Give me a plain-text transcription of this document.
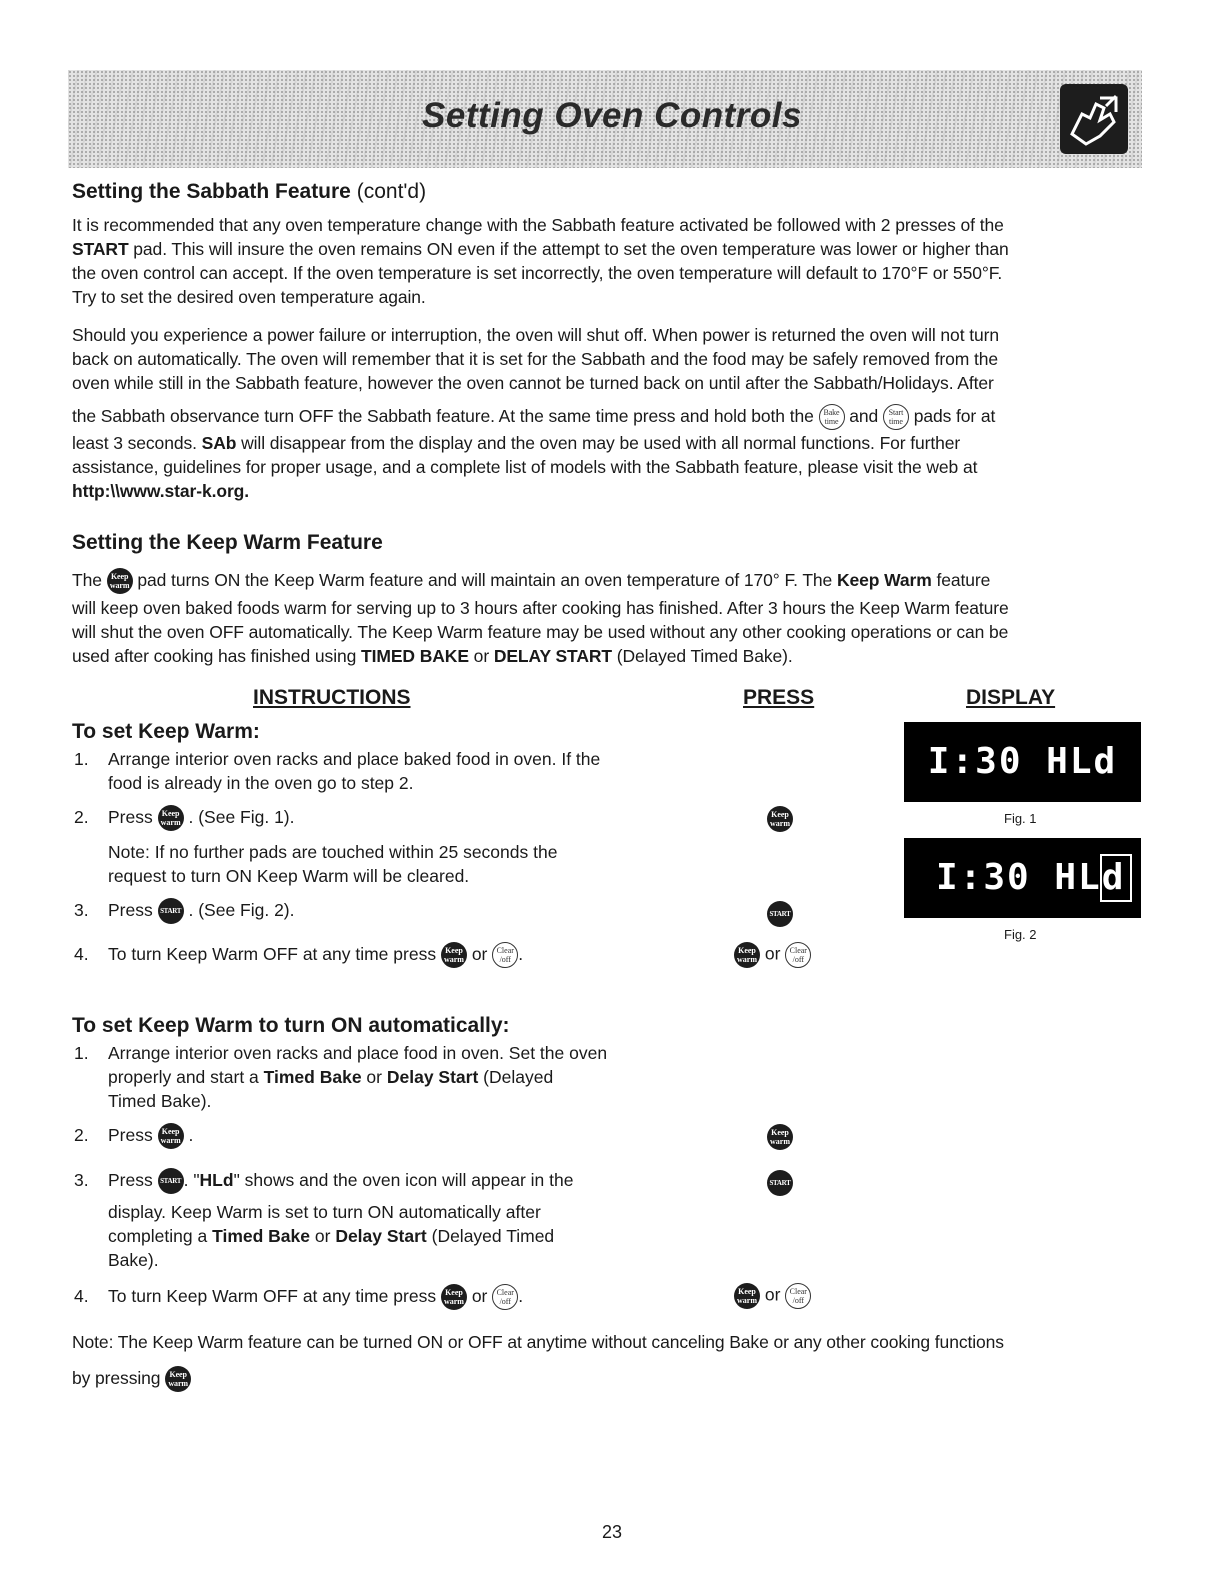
Setting Oven Controls
Setting the Sabbath Feature (cont'd)

It is recommended that any oven temperature change with the Sabbath feature activated be followed with 2 presses of the

START pad. This will insure the oven remains ON even if the attempt to set the oven temperature was lower or higher than

the oven control can accept. If the oven temperature is set incorrectly, the oven temperature will default to 170°F or 550°F.

Try to set the desired oven temperature again.

Should you experience a power failure or interruption, the oven will shut off. When power is returned the oven will not turn

back on automatically. The oven will remember that it is set for the Sabbath and the food may be safely removed from the

oven while still in the Sabbath feature, however the oven cannot be turned back on until after the Sabbath/Holidays. After

the Sabbath observance turn OFF the Sabbath feature. At the same time press and hold both the Bake
time and Start
time pads for at

least 3 seconds. SAb will disappear from the display and the oven may be used with all normal functions. For further

assistance, guidelines for proper usage, and a complete list of models with the Sabbath feature, please visit the web at

http:\\www.star-k.org.

Setting the Keep Warm Feature

The Keep
warm pad turns ON the Keep Warm feature and will maintain an oven temperature of 170° F. The Keep Warm feature

will keep oven baked foods warm for serving up to 3 hours after cooking has finished. After 3 hours the Keep Warm feature

will shut the oven OFF automatically. The Keep Warm feature may be used without any other cooking operations or can be

used after cooking has finished using TIMED BAKE or DELAY START (Delayed Timed Bake).

INSTRUCTIONS	PRESS	DISPLAY
To set Keep Warm:
1. Arrange interior oven racks and place baked food in oven. If the
food is already in the oven go to step 2.
2. Press Keep
warm . (See Fig. 1).
Note: If no further pads are touched within 25 seconds the
request to turn ON Keep Warm will be cleared.
3. Press START . (See Fig. 2).
4. To turn Keep Warm OFF at any time press Keep
warm or Clear
/off .
Keep
warm
START
Keep
warm or Clear
/off
I:30 HLd
Fig. 1
I:30 HLd
Fig. 2
To set Keep Warm to turn ON automatically:
1. Arrange interior oven racks and place food in oven. Set the oven
properly and start a Timed Bake or Delay Start (Delayed
Timed Bake).
2. Press Keep
warm .
3. Press START . "HLd" shows and the oven icon will appear in the
display. Keep Warm is set to turn ON automatically after
completing a Timed Bake or Delay Start (Delayed Timed
Bake).
4. To turn Keep Warm OFF at any time press Keep
warm or Clear
/off .
Keep
warm
START
Keep
warm or Clear
/off

Note: The Keep Warm feature can be turned ON or OFF at anytime without canceling Bake or any other cooking functions

by pressing Keep
warm

23
